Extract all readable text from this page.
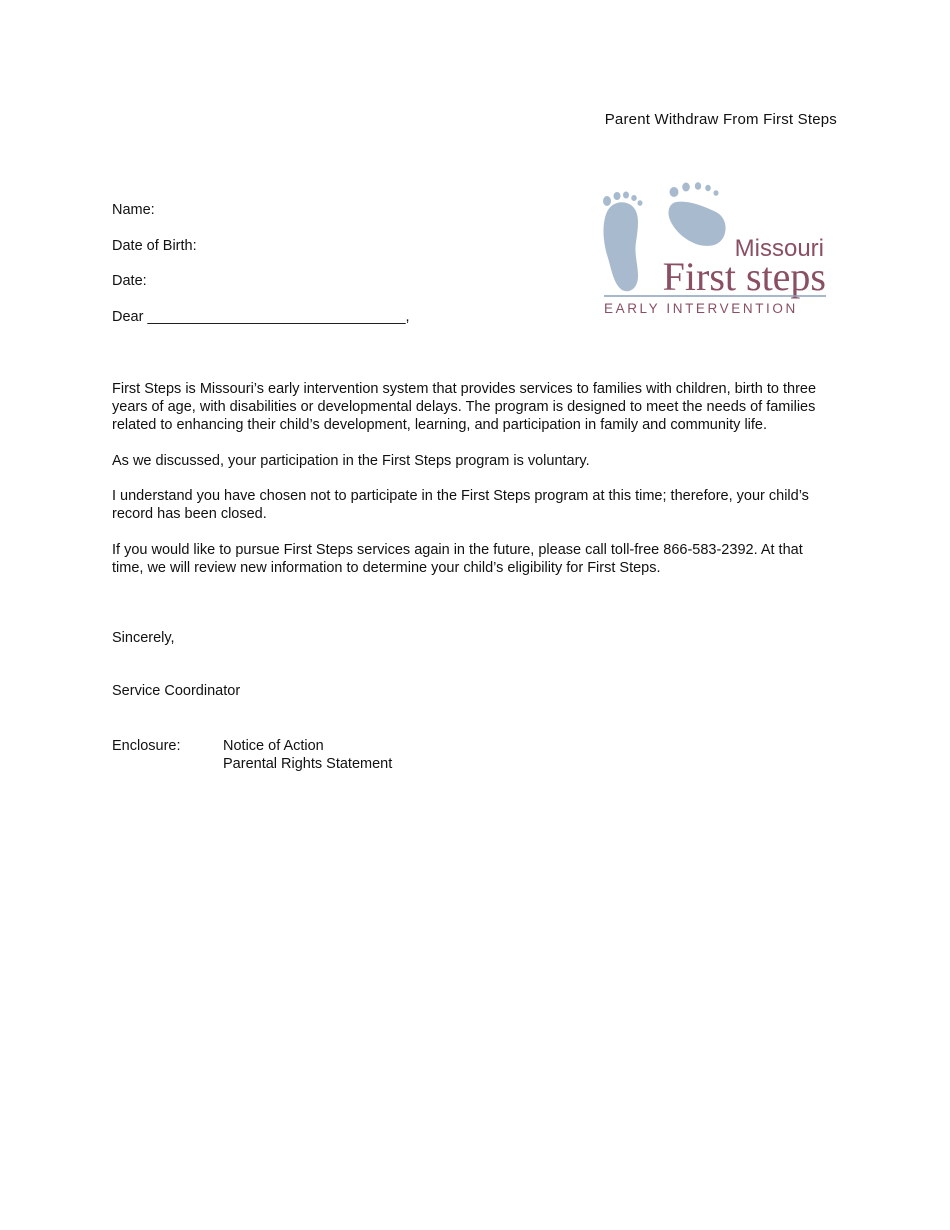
Parent Withdraw From First Steps
Name:
Date of Birth:
Date:
Dear ________________________________,
Missouri
First steps
EARLY INTERVENTION

First Steps is Missouri’s early intervention system that provides services to families with children, birth to three years of age, with disabilities or developmental delays. The program is designed to meet the needs of families related to enhancing their child’s development, learning, and participation in family and community life.

As we discussed, your participation in the First Steps program is voluntary.

I understand you have chosen not to participate in the First Steps program at this time; therefore, your child’s record has been closed.

If you would like to pursue First Steps services again in the future, please call toll-free 866-583-2392. At that time, we will review new information to determine your child’s eligibility for First Steps.

Sincerely,
Service Coordinator
Enclosure:	Notice of Action
Parental Rights Statement
